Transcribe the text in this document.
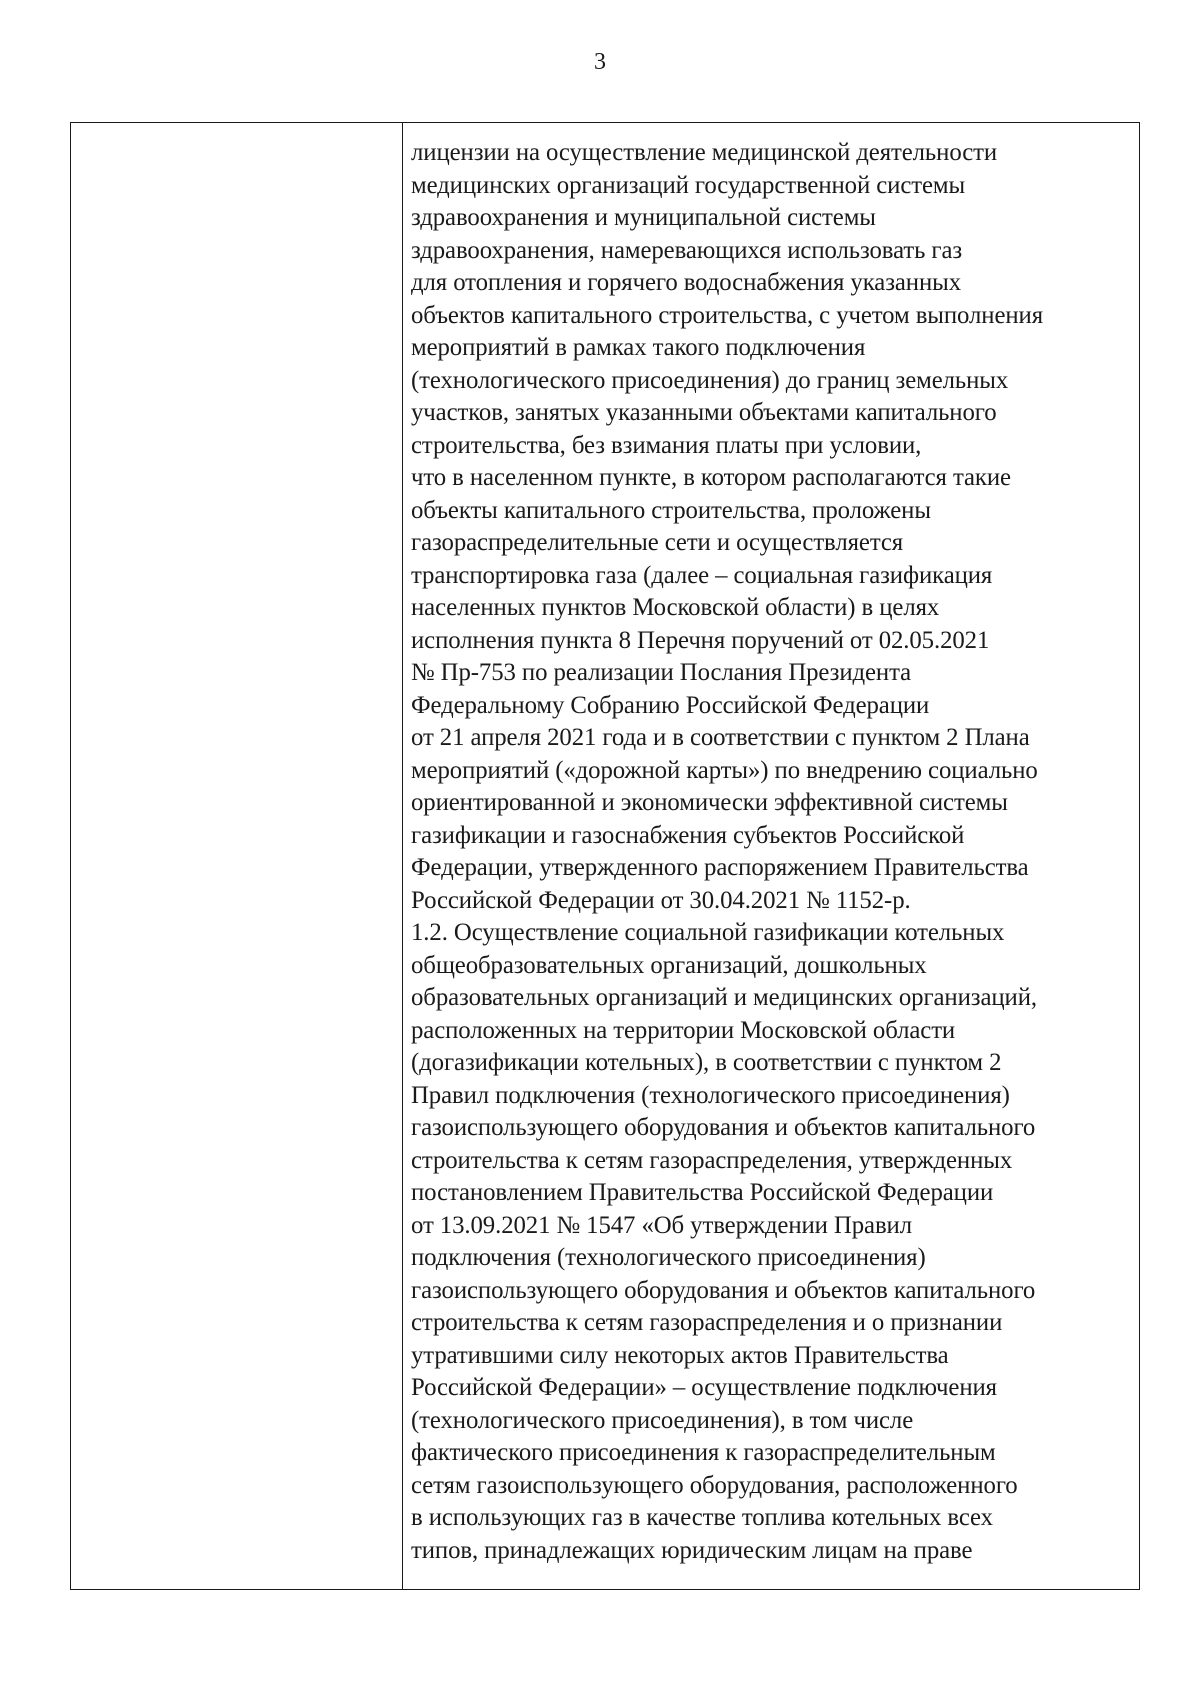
3
лицензии на осуществление медицинской деятельности
медицинских организаций государственной системы
здравоохранения и муниципальной системы
здравоохранения, намеревающихся использовать газ
для отопления и горячего водоснабжения указанных
объектов капитального строительства, с учетом выполнения
мероприятий в рамках такого подключения
(технологического присоединения) до границ земельных
участков, занятых указанными объектами капитального
строительства, без взимания платы при условии,
что в населенном пункте, в котором располагаются такие
объекты капитального строительства, проложены
газораспределительные сети и осуществляется
транспортировка газа (далее – социальная газификация
населенных пунктов Московской области) в целях
исполнения пункта 8 Перечня поручений от 02.05.2021
№ Пр-753 по реализации Послания Президента
Федеральному Собранию Российской Федерации
от 21 апреля 2021 года и в соответствии с пунктом 2 Плана
мероприятий («дорожной карты») по внедрению социально
ориентированной и экономически эффективной системы
газификации и газоснабжения субъектов Российской
Федерации, утвержденного распоряжением Правительства
Российской Федерации от 30.04.2021 № 1152-р.
1.2. Осуществление социальной газификации котельных
общеобразовательных организаций, дошкольных
образовательных организаций и медицинских организаций,
расположенных на территории Московской области
(догазификации котельных), в соответствии с пунктом 2
Правил подключения (технологического присоединения)
газоиспользующего оборудования и объектов капитального
строительства к сетям газораспределения, утвержденных
постановлением Правительства Российской Федерации
от 13.09.2021 № 1547 «Об утверждении Правил
подключения (технологического присоединения)
газоиспользующего оборудования и объектов капитального
строительства к сетям газораспределения и о признании
утратившими силу некоторых актов Правительства
Российской Федерации» – осуществление подключения
(технологического присоединения), в том числе
фактического присоединения к газораспределительным
сетям газоиспользующего оборудования, расположенного
в использующих газ в качестве топлива котельных всех
типов, принадлежащих юридическим лицам на праве
